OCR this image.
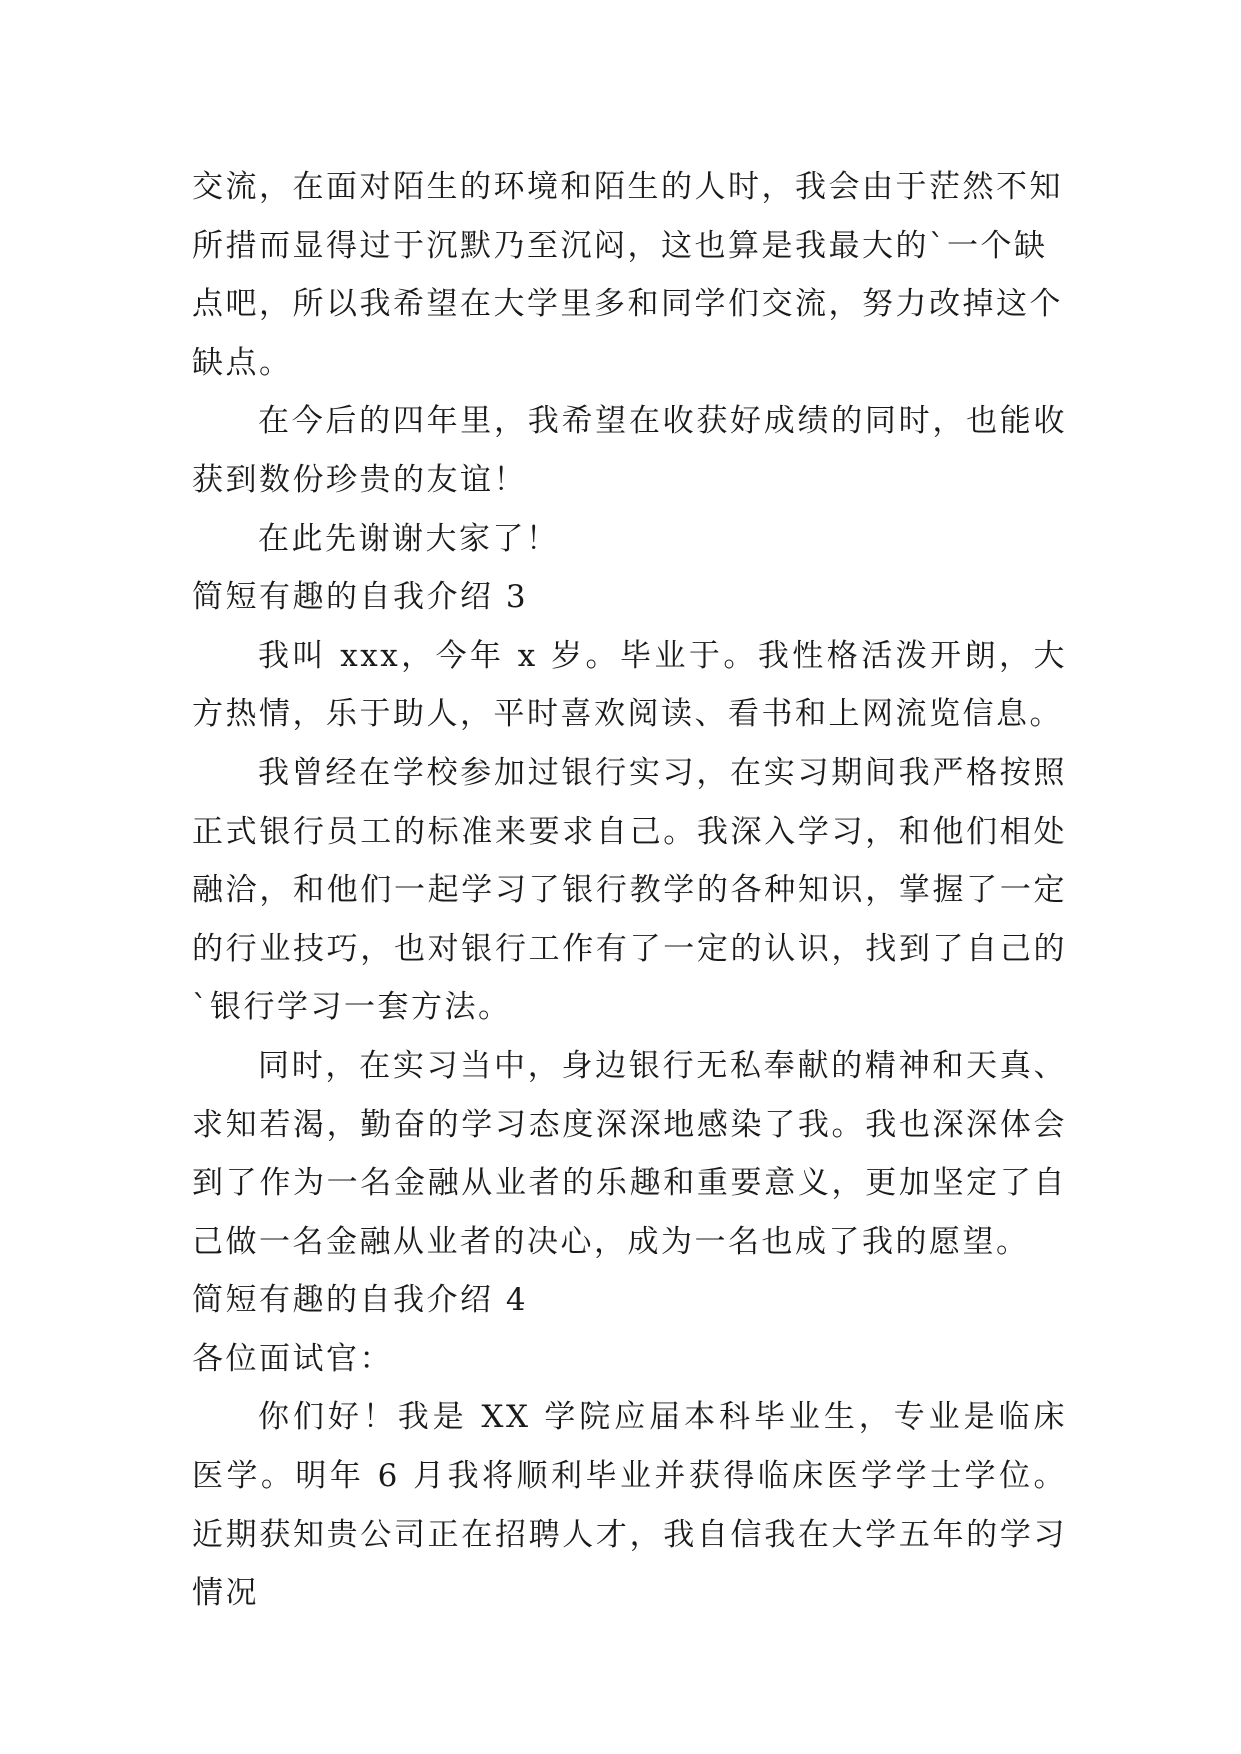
交流，在面对陌生的环境和陌生的人时，我会由于茫然不知所措而显得过于沉默乃至沉闷，这也算是我最大的`一个缺点吧，所以我希望在大学里多和同学们交流，努力改掉这个缺点。

在今后的四年里，我希望在收获好成绩的同时，也能收获到数份珍贵的友谊！

在此先谢谢大家了！

简短有趣的自我介绍 3

我叫 xxx，今年 x 岁。毕业于。我性格活泼开朗，大方热情，乐于助人，平时喜欢阅读、看书和上网流览信息。

我曾经在学校参加过银行实习，在实习期间我严格按照正式银行员工的标准来要求自己。我深入学习，和他们相处融洽，和他们一起学习了银行教学的各种知识，掌握了一定的行业技巧，也对银行工作有了一定的认识，找到了自己的`银行学习一套方法。

同时，在实习当中，身边银行无私奉献的精神和天真、求知若渴，勤奋的学习态度深深地感染了我。我也深深体会到了作为一名金融从业者的乐趣和重要意义，更加坚定了自己做一名金融从业者的决心，成为一名也成了我的愿望。

简短有趣的自我介绍 4

各位面试官：

你们好！我是 XX 学院应届本科毕业生，专业是临床医学。明年 6 月我将顺利毕业并获得临床医学学士学位。近期获知贵公司正在招聘人才，我自信我在大学五年的学习情况
